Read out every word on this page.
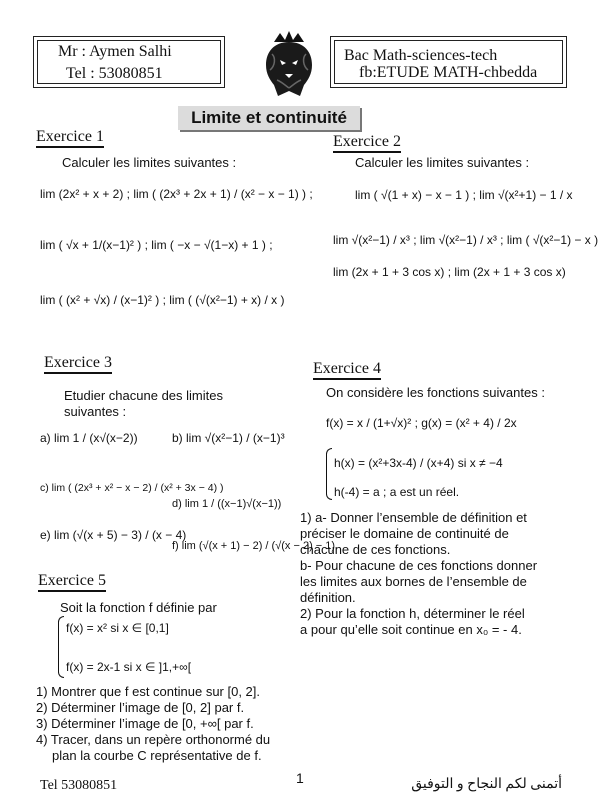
Mr : Aymen Salhi
Tel : 53080851
Bac Math-sciences-tech
fb:ETUDE MATH-chbedda
Limite et continuité
Exercice 1
Calculer les limites suivantes :
lim (2x² + x + 2) ; lim ( (2x³ + 2x + 1) / (x² − x − 1) ) ;
lim ( √x + 1/(x−1)² ) ; lim ( −x − √(1−x) + 1 ) ;
lim ( (x² + √x) / (x−1)² ) ; lim ( (√(x²−1) + x) / x )
Exercice 2
Calculer les limites suivantes :
lim ( √(1 + x) − x − 1 ) ; lim √(x²+1) − 1 / x
lim √(x²−1) / x³ ; lim √(x²−1) / x³ ; lim ( √(x²−1) − x )
lim (2x + 1 + 3 cos x) ; lim (2x + 1 + 3 cos x)
Exercice 3
Etudier chacune des limites
suivantes :
a) lim 1 / (x√(x−2))	b) lim √(x²−1) / (x−1)³
c) lim ( (2x³ + x² − x − 2) / (x² + 3x − 4) )
d) lim 1 / ((x−1)√(x−1))
e) lim (√(x + 5) − 3) / (x − 4)
f) lim (√(x + 1) − 2) / (√(x − 2) − 1)
Exercice 4
On considère les fonctions suivantes :
f(x) = x / (1+√x)² ; g(x) = (x² + 4) / 2x
h(x) = (x²+3x-4) / (x+4) si x ≠ −4
h(-4) = a ; a est un réel.
1) a- Donner l’ensemble de définition et
préciser le domaine de continuité de
chacune de ces fonctions.
b- Pour chacune de ces fonctions donner
les limites aux bornes de l’ensemble de
définition.
2) Pour la fonction h, déterminer le réel
a pour qu’elle soit continue en x₀ = - 4.
Exercice 5
Soit la fonction f définie par
f(x) = x² si x ∈ [0,1]
f(x) = 2x-1 si x ∈ ]1,+∞[
1) Montrer que f est continue sur [0, 2].
2) Déterminer l’image de [0, 2] par f.
3) Déterminer l’image de [0, +∞[ par f.
4) Tracer, dans un repère orthonormé du
plan la courbe C représentative de f.
Tel 53080851	1	أتمنى لكم النجاح و التوفيق
